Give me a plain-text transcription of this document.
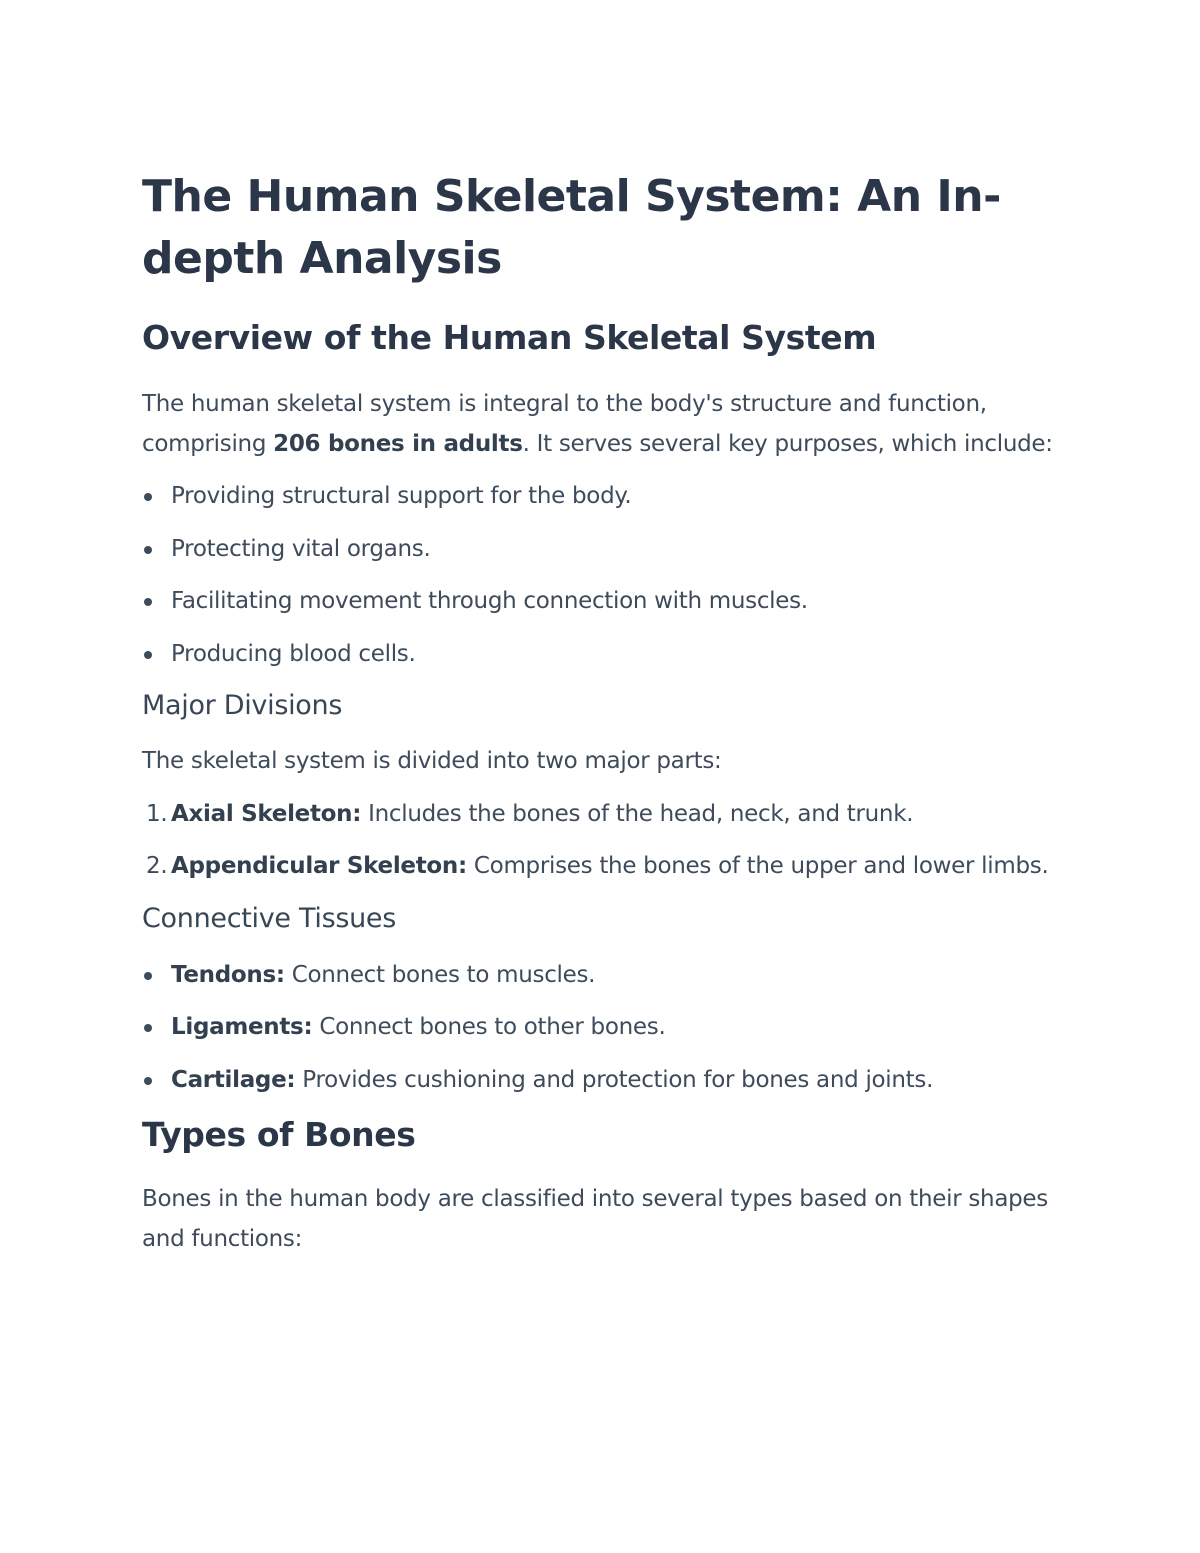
The Human Skeletal System: An In-depth Analysis
Overview of the Human Skeletal System

The human skeletal system is integral to the body's structure and function, comprising 206 bones in adults. It serves several key purposes, which include:

Providing structural support for the body.
Protecting vital organs.
Facilitating movement through connection with muscles.
Producing blood cells.
Major Divisions

The skeletal system is divided into two major parts:

1. Axial Skeleton: Includes the bones of the head, neck, and trunk.
2. Appendicular Skeleton: Comprises the bones of the upper and lower limbs.
Connective Tissues
Tendons: Connect bones to muscles.
Ligaments: Connect bones to other bones.
Cartilage: Provides cushioning and protection for bones and joints.
Types of Bones

Bones in the human body are classified into several types based on their shapes and functions:
